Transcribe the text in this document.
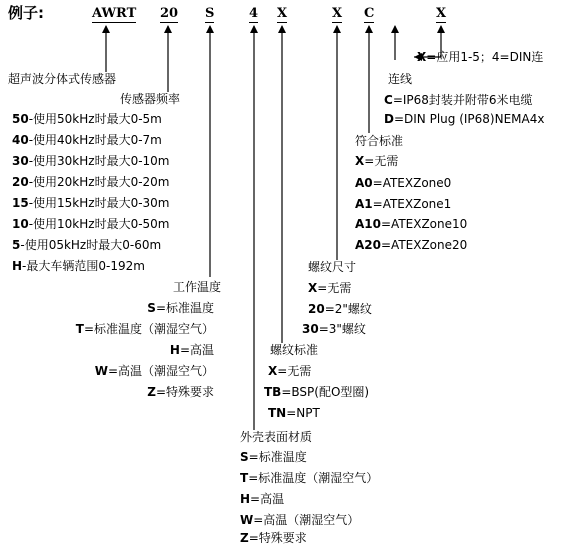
例子:	AWRT 20 S	4 X	X C	X
X=应用1-5；4=DIN连
连线
C=IP68封装并附带6米电缆
D=DIN Plug (IP68)NEMA4x
超声波分体式传感器
传感器频率
50-使用50kHz时最大0-5m
40-使用40kHz时最大0-7m
30-使用30kHz时最大0-10m
20-使用20kHz时最大0-20m
15-使用15kHz时最大0-30m
10-使用10kHz时最大0-50m
5-使用05kHz时最大0-60m
H-最大车辆范围0-192m
符合标准
X=无需
A0=ATEXZone0
A1=ATEXZone1
A10=ATEXZone10
A20=ATEXZone20
螺纹尺寸
X=无需
20=2"螺纹
30=3"螺纹
工作温度
S=标准温度
T=标准温度（潮湿空气）
H=高温
W=高温（潮湿空气）
Z=特殊要求
螺纹标准
X=无需
TB=BSP(配O型圈)
TN=NPT
外壳表面材质
S=标准温度
T=标准温度（潮湿空气）
H=高温
W=高温（潮湿空气）
Z=特殊要求
